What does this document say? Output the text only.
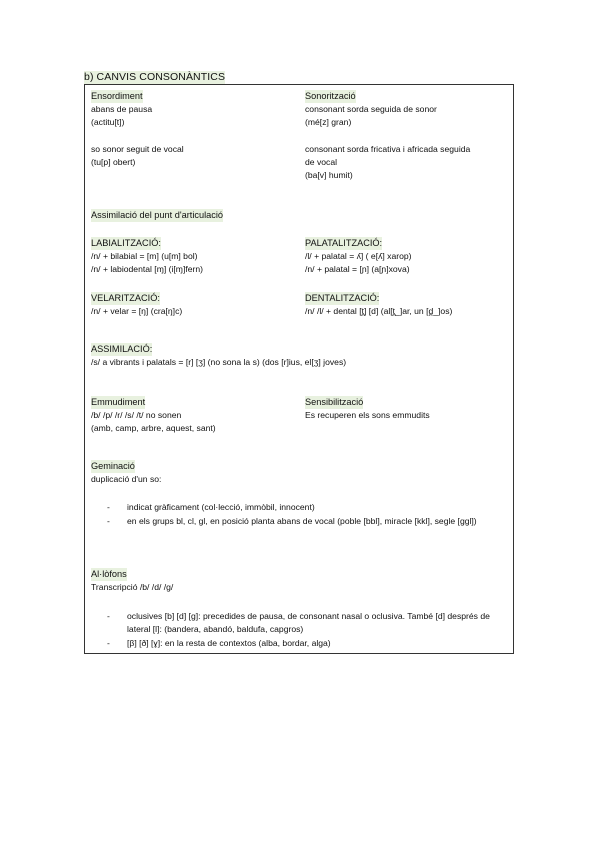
b) CANVIS CONSONÀNTICS
Ensordiment
abans de pausa
(actitu[t])
so sonor seguit de vocal
(tu[p] obert)
Sonorització
consonant sorda seguida de sonor
(mé[z] gran)
consonant sorda fricativa i africada seguida
de vocal
(ba[v] humit)
Assimilació del punt d'articulació
LABIALITZACIÓ:
/n/ + bilabial = [m] (u[m] bol)
/n/ + labiodental [ɱ] (i[ɱ]fern)
PALATALITZACIÓ:
/l/ + palatal = ʎ] ( e[ʎ] xarop)
/n/ + palatal = [ɲ] (a[ɲ]xova)
VELARITZACIÓ:
/n/ + velar = [ŋ] (cra[ŋ]c)
DENTALITZACIÓ:
/n/ /l/ + dental [t̪] [d] (al[t̪_]ar, un [d̪_]os)
ASSIMILACIÓ:
/s/ a vibrants i palatals = [r] [ʒ] (no sona la s) (dos [r]ius, el[ʒ] joves)
Emmudiment
/b/ /p/ /r/ /s/ /t/ no sonen
(amb, camp, arbre, aquest, sant)
Sensibilització
Es recuperen els sons emmudits
Geminació
duplicació d'un so:
- indicat gràficament (col·lecció, immòbil, innocent)
- en els grups bl, cl, gl, en posició planta abans de vocal (poble [bbl], miracle [kkl], segle [ggl])
Al·lòfons
Transcripció /b/ /d/ /g/
- oclusives [b] [d] [g]: precedides de pausa, de consonant nasal o oclusiva. També [d] després de lateral [l]: (bandera, abandó, baldufa, capgros)
- [β] [ð] [ɣ]: en la resta de contextos (alba, bordar, alga)
